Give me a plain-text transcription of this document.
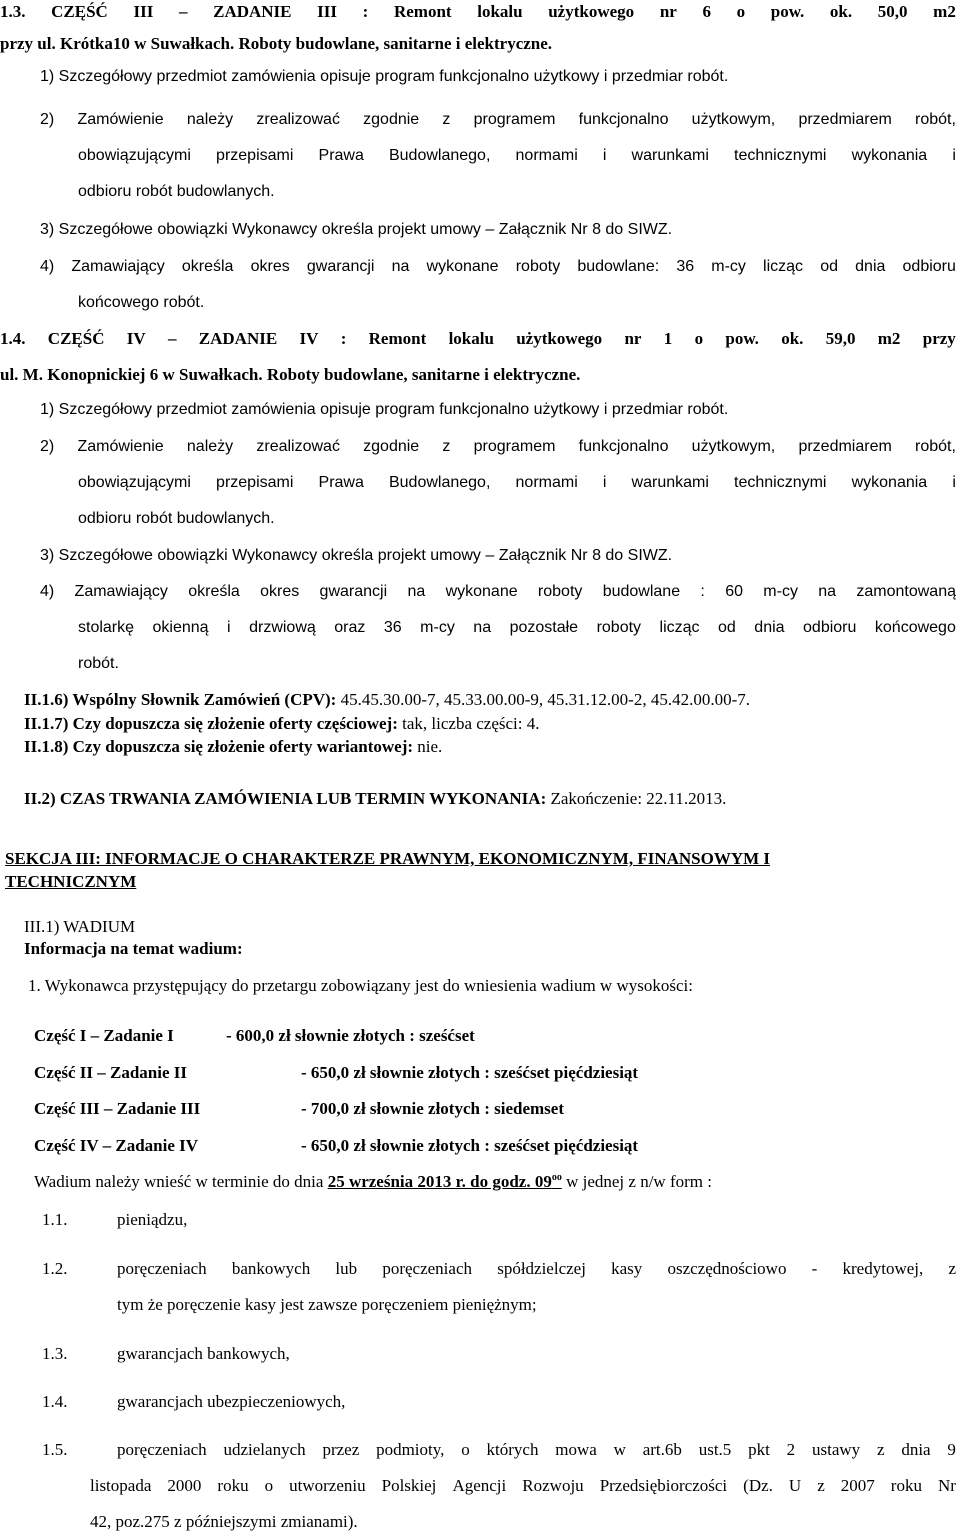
1.3. CZĘŚĆ III – ZADANIE III : Remont lokalu użytkowego nr 6 o pow. ok. 50,0 m2
przy ul. Krótka10 w Suwałkach. Roboty budowlane, sanitarne i elektryczne.
1) Szczegółowy przedmiot zamówienia opisuje program funkcjonalno użytkowy i przedmiar robót.
2) Zamówienie należy zrealizować zgodnie z programem funkcjonalno użytkowym, przedmiarem robót,
obowiązującymi przepisami Prawa Budowlanego, normami i warunkami technicznymi wykonania i
odbioru robót budowlanych.
3) Szczegółowe obowiązki Wykonawcy określa projekt umowy – Załącznik Nr 8 do SIWZ.
4) Zamawiający określa okres gwarancji na wykonane roboty budowlane: 36 m-cy licząc od dnia odbioru
końcowego robót.
1.4. CZĘŚĆ IV – ZADANIE IV : Remont lokalu użytkowego nr 1 o pow. ok. 59,0 m2 przy
ul. M. Konopnickiej 6 w Suwałkach. Roboty budowlane, sanitarne i elektryczne.
1) Szczegółowy przedmiot zamówienia opisuje program funkcjonalno użytkowy i przedmiar robót.
2) Zamówienie należy zrealizować zgodnie z programem funkcjonalno użytkowym, przedmiarem robót,
obowiązującymi przepisami Prawa Budowlanego, normami i warunkami technicznymi wykonania i
odbioru robót budowlanych.
3) Szczegółowe obowiązki Wykonawcy określa projekt umowy – Załącznik Nr 8 do SIWZ.
4) Zamawiający określa okres gwarancji na wykonane roboty budowlane : 60 m-cy na zamontowaną
stolarkę okienną i drzwiową oraz 36 m-cy na pozostałe roboty licząc od dnia odbioru końcowego
robót.
II.1.6) Wspólny Słownik Zamówień (CPV): 45.45.30.00-7, 45.33.00.00-9, 45.31.12.00-2, 45.42.00.00-7.
II.1.7) Czy dopuszcza się złożenie oferty częściowej: tak, liczba części: 4.
II.1.8) Czy dopuszcza się złożenie oferty wariantowej: nie.
II.2) CZAS TRWANIA ZAMÓWIENIA LUB TERMIN WYKONANIA: Zakończenie: 22.11.2013.
SEKCJA III: INFORMACJE O CHARAKTERZE PRAWNYM, EKONOMICZNYM, FINANSOWYM I
TECHNICZNYM
III.1) WADIUM
Informacja na temat wadium:
1. Wykonawca przystępujący do przetargu zobowiązany jest do wniesienia wadium w wysokości:
Część I – Zadanie I	- 600,0 zł słownie złotych : sześćset
Część II – Zadanie II	- 650,0 zł słownie złotych : sześćset pięćdziesiąt
Część III – Zadanie III	- 700,0 zł słownie złotych : siedemset
Część IV – Zadanie IV	- 650,0 zł słownie złotych : sześćset pięćdziesiąt
Wadium należy wnieść w terminie do dnia 25 września 2013 r. do godz. $09^{oo}$ w jednej z n/w form :
1.1.	pieniądzu,
1.2.	poręczeniach bankowych lub poręczeniach spółdzielczej kasy oszczędnościowo - kredytowej, z
tym że poręczenie kasy jest zawsze poręczeniem pieniężnym;
1.3.	gwarancjach bankowych,
1.4.	gwarancjach ubezpieczeniowych,
1.5.	poręczeniach udzielanych przez podmioty, o których mowa w art.6b ust.5 pkt 2 ustawy z dnia 9
listopada 2000 roku o utworzeniu Polskiej Agencji Rozwoju Przedsiębiorczości (Dz. U z 2007 roku Nr
42, poz.275 z późniejszymi zmianami).
